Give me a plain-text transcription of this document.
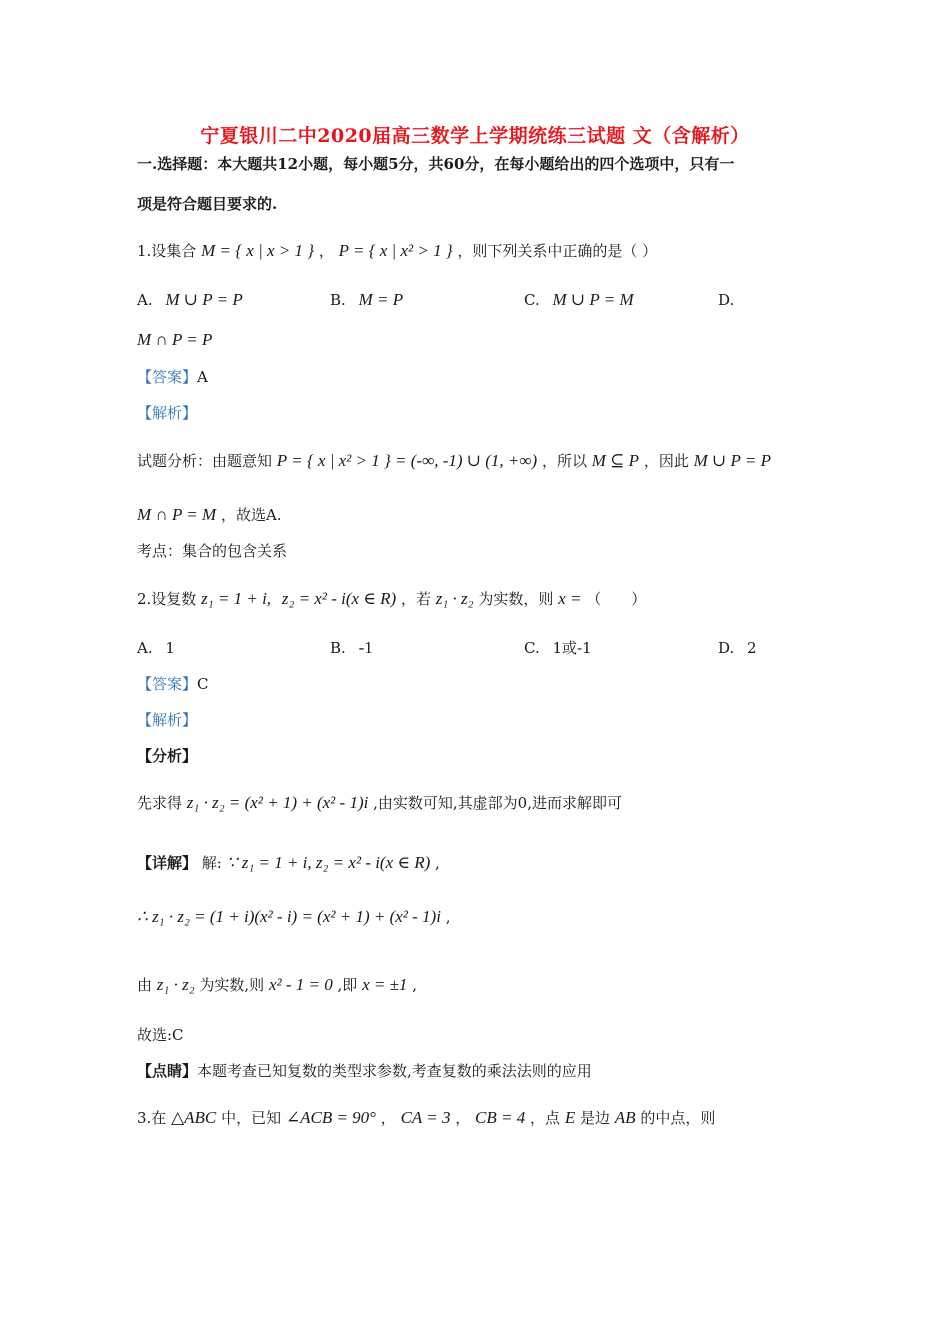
宁夏银川二中2020届高三数学上学期统练三试题 文（含解析）
一.选择题：本大题共12小题，每小题5分，共60分，在每小题给出的四个选项中，只有一
项是符合题目要求的.
1.设集合 M = { x | x > 1 } ， P = { x | x² > 1 } ，则下列关系中正确的是（ ）
A. M ∪ P = P	B. M = P	C. M ∪ P = M	D.
M ∩ P = P
【答案】A
【解析】
试题分析：由题意知 P = { x | x² > 1 } = (-∞, -1) ∪ (1, +∞) ，所以 M ⊆ P ，因此 M ∪ P = P
M ∩ P = M ，故选A.
考点：集合的包含关系
2.设复数 z₁ = 1 + i, z₂ = x² - i(x ∈ R) ，若 z₁ · z₂ 为实数，则 x = （　　）
A. 1	B. -1	C. 1或-1	D. 2
【答案】C
【解析】
【分析】
先求得 z₁ · z₂ = (x² + 1) + (x² - 1)i ,由实数可知,其虚部为0,进而求解即可
【详解】 解: ∵ z₁ = 1 + i, z₂ = x² - i(x ∈ R) ,
∴ z₁ · z₂ = (1 + i)(x² - i) = (x² + 1) + (x² - 1)i ,
由 z₁ · z₂ 为实数,则 x² - 1 = 0 ,即 x = ±1 ,
故选:C
【点睛】本题考查已知复数的类型求参数,考查复数的乘法法则的应用
3.在 △ABC 中，已知 ∠ACB = 90° ， CA = 3 ， CB = 4 ，点 E 是边 AB 的中点，则
